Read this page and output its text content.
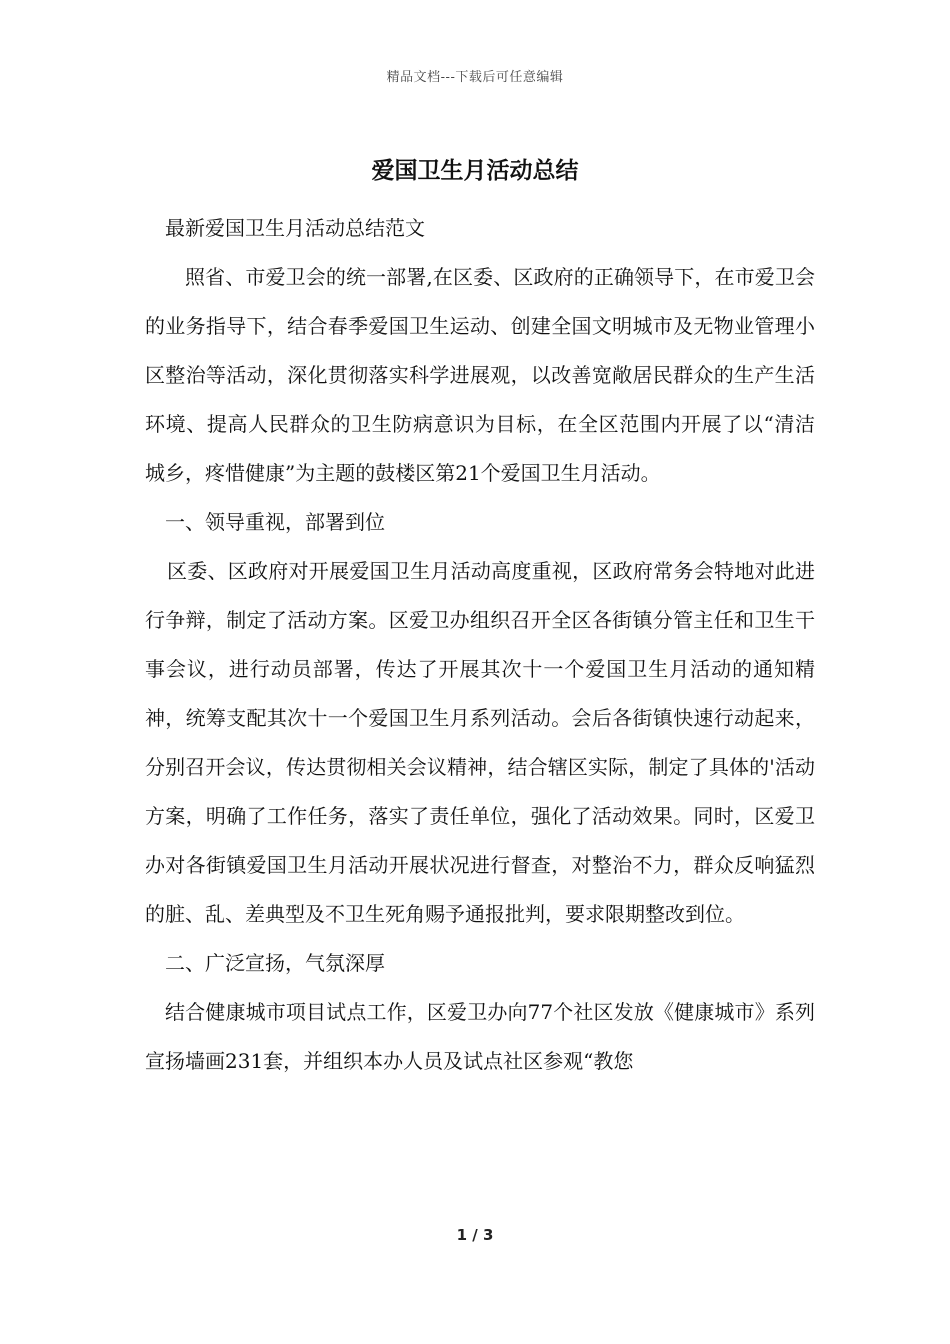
精品文档---下载后可任意编辑
爱国卫生月活动总结

最新爱国卫生月活动总结范文

照省、市爱卫会的统一部署,在区委、区政府的正确领导下，在市爱卫会的业务指导下，结合春季爱国卫生运动、创建全国文明城市及无物业管理小区整治等活动，深化贯彻落实科学进展观，以改善宽敞居民群众的生产生活环境、提高人民群众的卫生防病意识为目标，在全区范围内开展了以“清洁城乡，疼惜健康”为主题的鼓楼区第21个爱国卫生月活动。

一、领导重视，部署到位

区委、区政府对开展爱国卫生月活动高度重视，区政府常务会特地对此进行争辩，制定了活动方案。区爱卫办组织召开全区各街镇分管主任和卫生干事会议，进行动员部署，传达了开展其次十一个爱国卫生月活动的通知精神，统筹支配其次十一个爱国卫生月系列活动。会后各街镇快速行动起来，分别召开会议，传达贯彻相关会议精神，结合辖区实际，制定了具体的'活动方案，明确了工作任务，落实了责任单位，强化了活动效果。同时，区爱卫办对各街镇爱国卫生月活动开展状况进行督查，对整治不力，群众反响猛烈的脏、乱、差典型及不卫生死角赐予通报批判，要求限期整改到位。

二、广泛宣扬，气氛深厚

结合健康城市项目试点工作，区爱卫办向77个社区发放《健康城市》系列宣扬墙画231套，并组织本办人员及试点社区参观“教您

1 / 3
